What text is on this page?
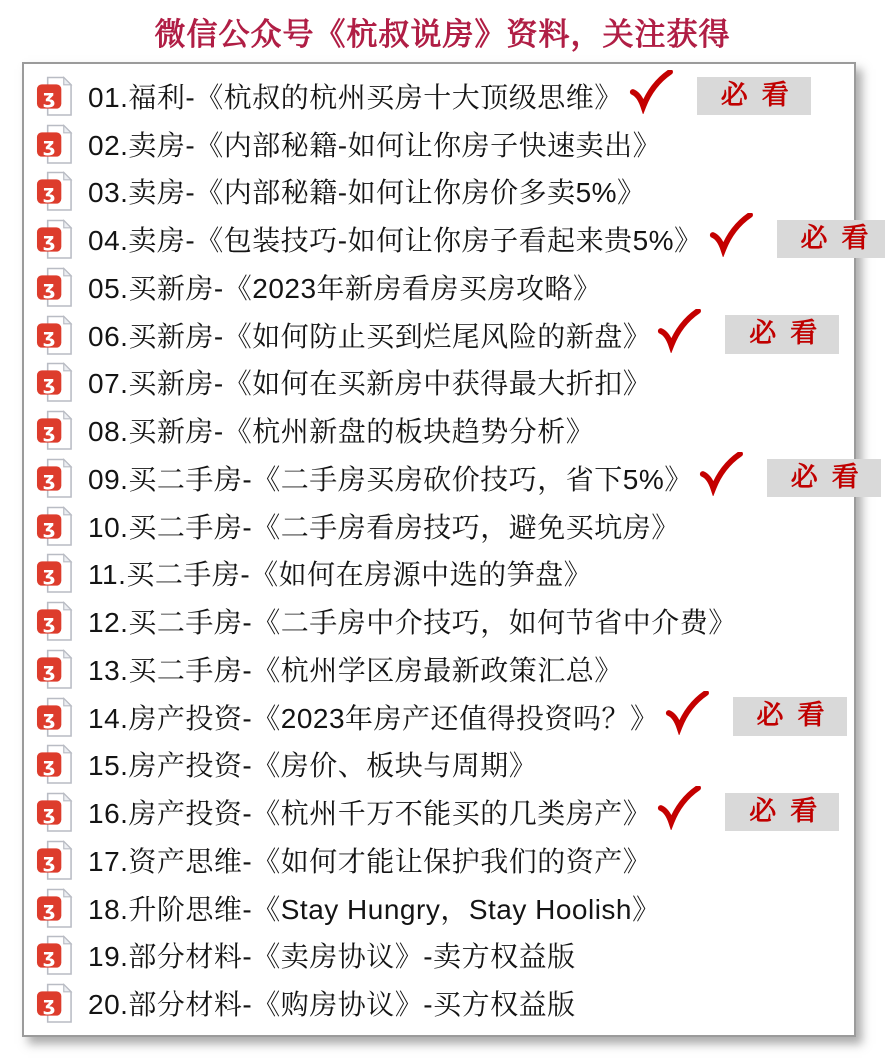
微信公众号《杭叔说房》资料，关注获得
ʒ 01.福利-《杭叔的杭州买房十大顶级思维》	必看
ʒ 02.卖房-《内部秘籍-如何让你房子快速卖出》
ʒ 03.卖房-《内部秘籍-如何让你房价多卖5%》
ʒ 04.卖房-《包装技巧-如何让你房子看起来贵5%》	必看
ʒ 05.买新房-《2023年新房看房买房攻略》
ʒ 06.买新房-《如何防止买到烂尾风险的新盘》	必看
ʒ 07.买新房-《如何在买新房中获得最大折扣》
ʒ 08.买新房-《杭州新盘的板块趋势分析》
ʒ 09.买二手房-《二手房买房砍价技巧，省下5%》	必看
ʒ 10.买二手房-《二手房看房技巧，避免买坑房》
ʒ 11.买二手房-《如何在房源中选的笋盘》
ʒ 12.买二手房-《二手房中介技巧，如何节省中介费》
ʒ 13.买二手房-《杭州学区房最新政策汇总》
ʒ 14.房产投资-《2023年房产还值得投资吗？》	必看
ʒ 15.房产投资-《房价、板块与周期》
ʒ 16.房产投资-《杭州千万不能买的几类房产》	必看
ʒ 17.资产思维-《如何才能让保护我们的资产》
ʒ 18.升阶思维-《Stay Hungry，Stay Hoolish》
ʒ 19.部分材料-《卖房协议》-卖方权益版
ʒ 20.部分材料-《购房协议》-买方权益版
